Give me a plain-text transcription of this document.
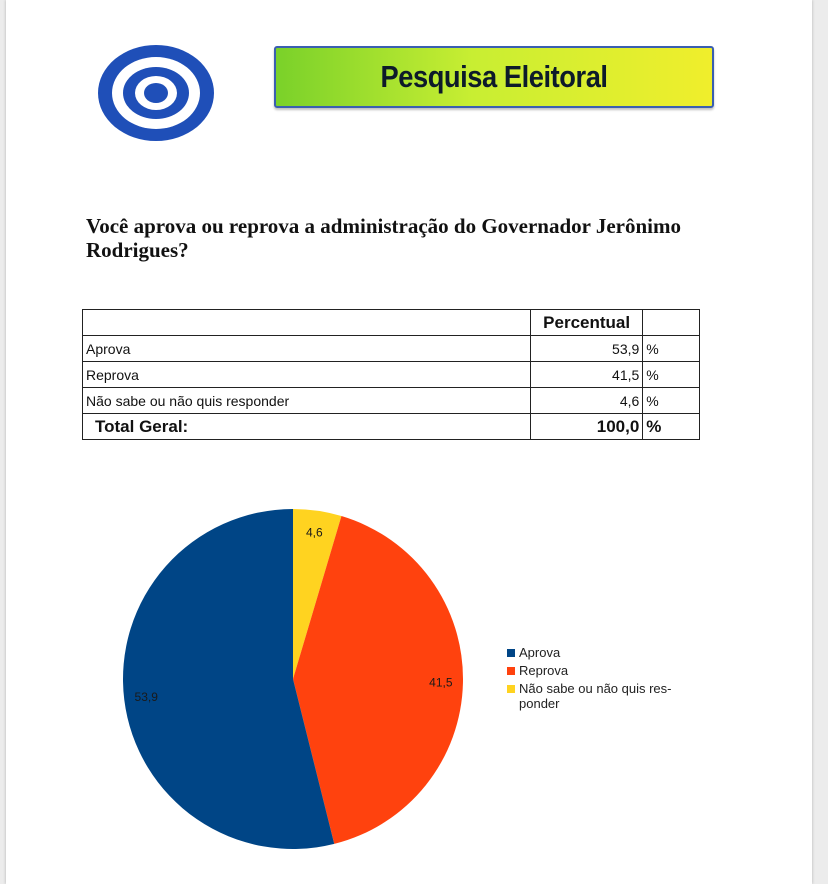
Pesquisa Eleitoral
Você aprova ou reprova a administração do Governador Jerônimo Rodrigues?
	Percentual	
Aprova	53,9	%
Reprova	41,5	%
Não sabe ou não quis responder	4,6	%
Total Geral:	100,0	%
4,6
41,5
53,9
Aprova
Reprova
Não sabe ou não quis res- ponder
